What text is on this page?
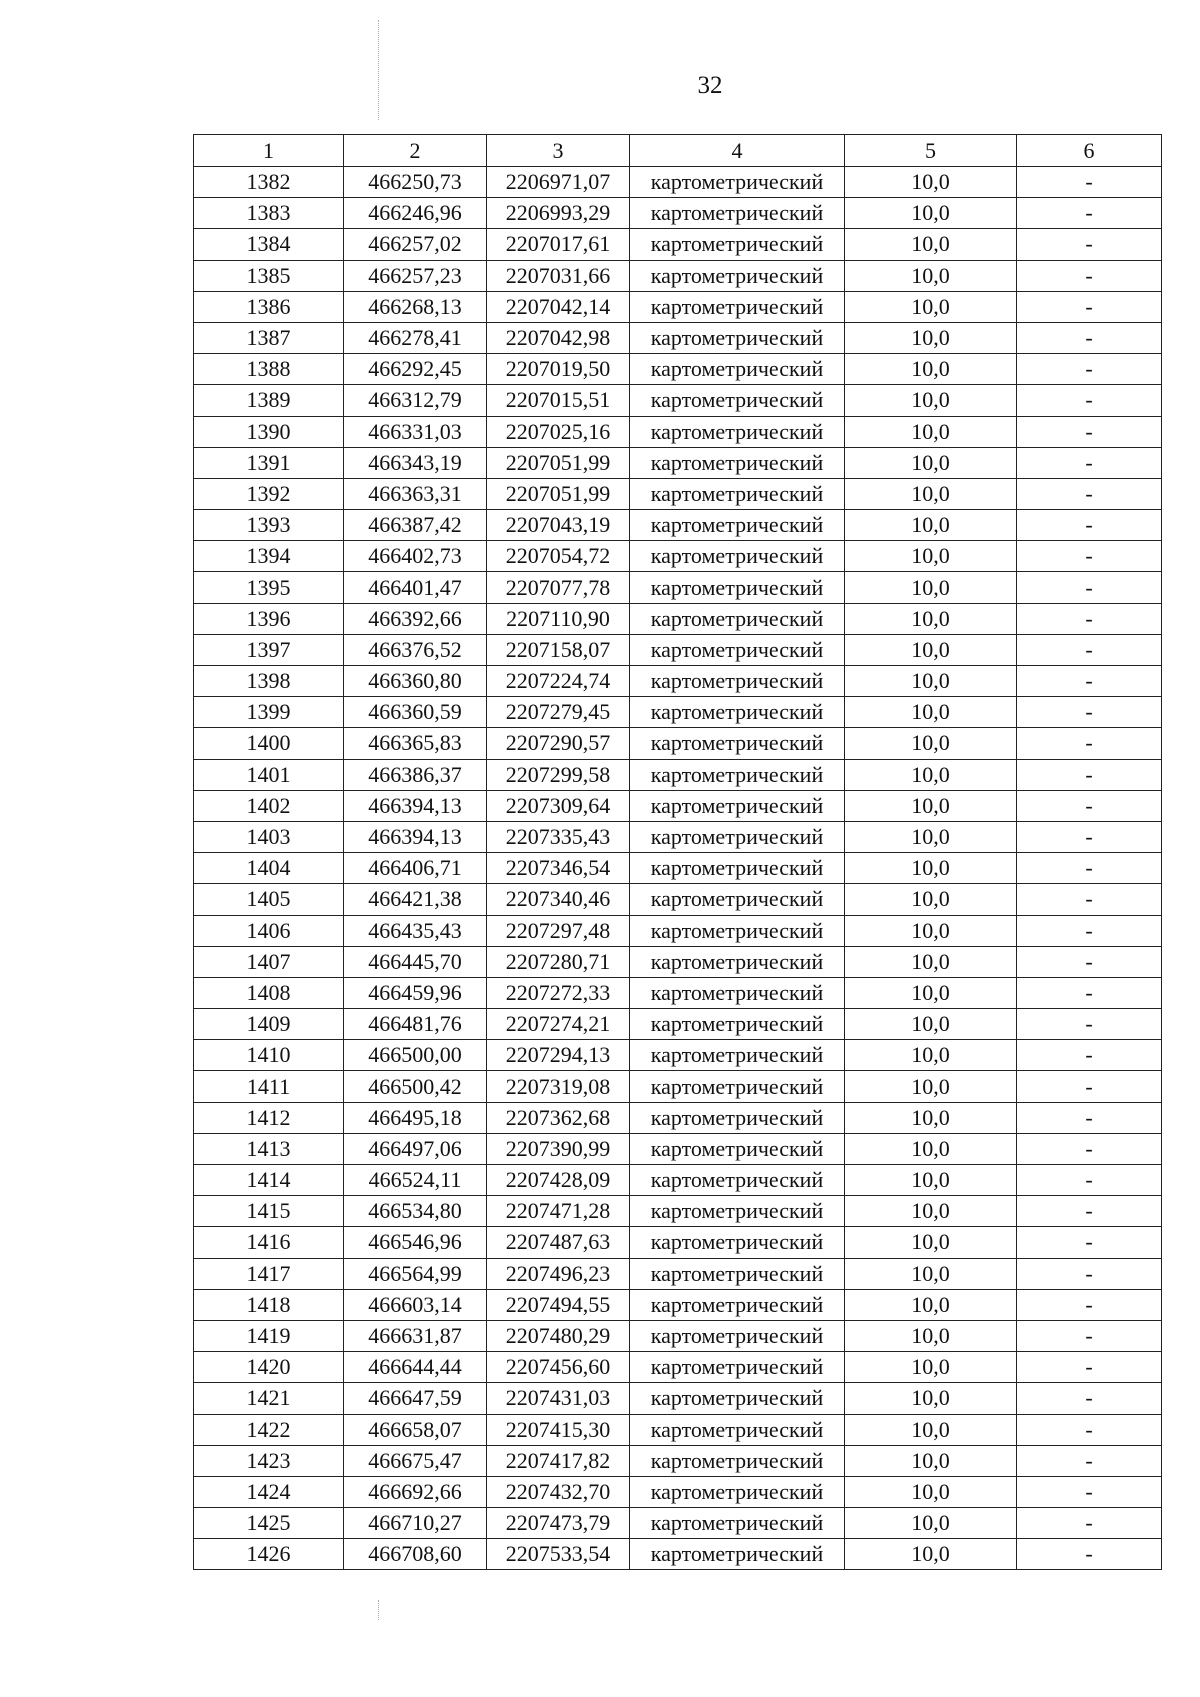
32
1	2	3	4	5	6
1382	466250,73	2206971,07	картометрический	10,0	-
1383	466246,96	2206993,29	картометрический	10,0	-
1384	466257,02	2207017,61	картометрический	10,0	-
1385	466257,23	2207031,66	картометрический	10,0	-
1386	466268,13	2207042,14	картометрический	10,0	-
1387	466278,41	2207042,98	картометрический	10,0	-
1388	466292,45	2207019,50	картометрический	10,0	-
1389	466312,79	2207015,51	картометрический	10,0	-
1390	466331,03	2207025,16	картометрический	10,0	-
1391	466343,19	2207051,99	картометрический	10,0	-
1392	466363,31	2207051,99	картометрический	10,0	-
1393	466387,42	2207043,19	картометрический	10,0	-
1394	466402,73	2207054,72	картометрический	10,0	-
1395	466401,47	2207077,78	картометрический	10,0	-
1396	466392,66	2207110,90	картометрический	10,0	-
1397	466376,52	2207158,07	картометрический	10,0	-
1398	466360,80	2207224,74	картометрический	10,0	-
1399	466360,59	2207279,45	картометрический	10,0	-
1400	466365,83	2207290,57	картометрический	10,0	-
1401	466386,37	2207299,58	картометрический	10,0	-
1402	466394,13	2207309,64	картометрический	10,0	-
1403	466394,13	2207335,43	картометрический	10,0	-
1404	466406,71	2207346,54	картометрический	10,0	-
1405	466421,38	2207340,46	картометрический	10,0	-
1406	466435,43	2207297,48	картометрический	10,0	-
1407	466445,70	2207280,71	картометрический	10,0	-
1408	466459,96	2207272,33	картометрический	10,0	-
1409	466481,76	2207274,21	картометрический	10,0	-
1410	466500,00	2207294,13	картометрический	10,0	-
1411	466500,42	2207319,08	картометрический	10,0	-
1412	466495,18	2207362,68	картометрический	10,0	-
1413	466497,06	2207390,99	картометрический	10,0	-
1414	466524,11	2207428,09	картометрический	10,0	-
1415	466534,80	2207471,28	картометрический	10,0	-
1416	466546,96	2207487,63	картометрический	10,0	-
1417	466564,99	2207496,23	картометрический	10,0	-
1418	466603,14	2207494,55	картометрический	10,0	-
1419	466631,87	2207480,29	картометрический	10,0	-
1420	466644,44	2207456,60	картометрический	10,0	-
1421	466647,59	2207431,03	картометрический	10,0	-
1422	466658,07	2207415,30	картометрический	10,0	-
1423	466675,47	2207417,82	картометрический	10,0	-
1424	466692,66	2207432,70	картометрический	10,0	-
1425	466710,27	2207473,79	картометрический	10,0	-
1426	466708,60	2207533,54	картометрический	10,0	-
